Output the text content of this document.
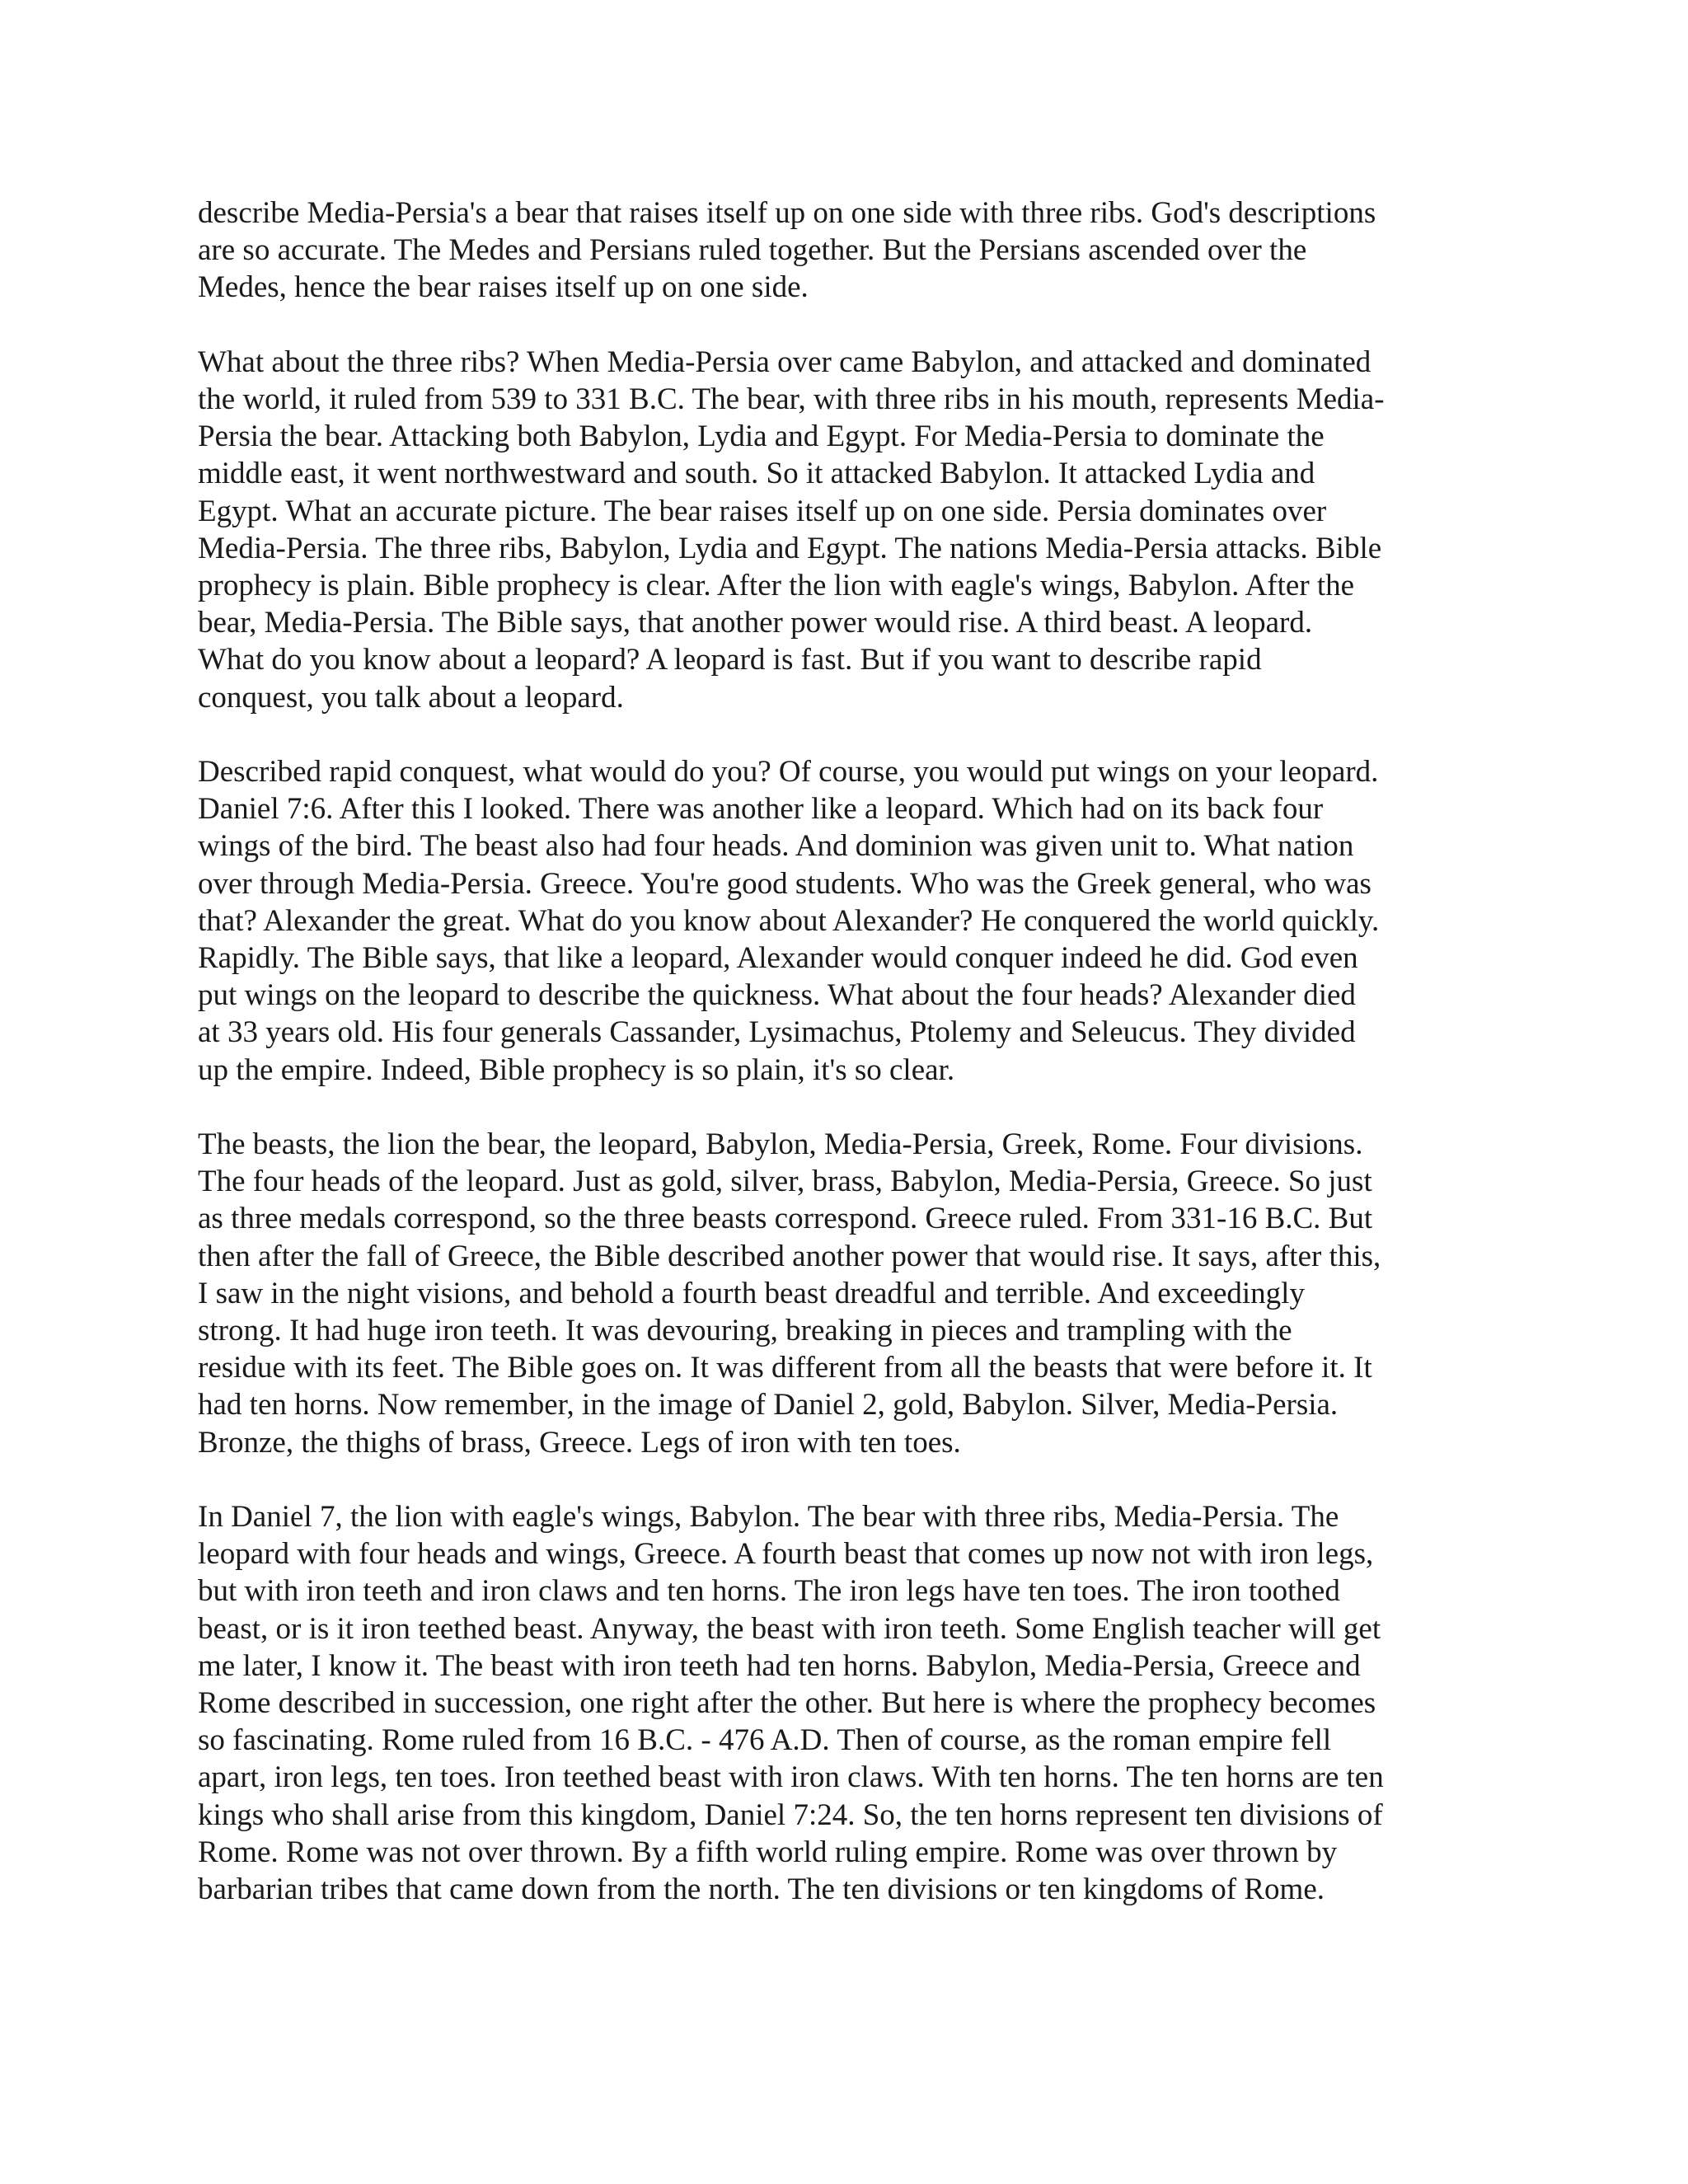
describe Media-Persia's a bear that raises itself up on one side with three ribs. God's descriptions
are so accurate. The Medes and Persians ruled together. But the Persians ascended over the
Medes, hence the bear raises itself up on one side.

What about the three ribs? When Media-Persia over came Babylon, and attacked and dominated
the world, it ruled from 539 to 331 B.C. The bear, with three ribs in his mouth, represents Media-
Persia the bear. Attacking both Babylon, Lydia and Egypt. For Media-Persia to dominate the
middle east, it went northwestward and south. So it attacked Babylon. It attacked Lydia and
Egypt. What an accurate picture. The bear raises itself up on one side. Persia dominates over
Media-Persia. The three ribs, Babylon, Lydia and Egypt. The nations Media-Persia attacks. Bible
prophecy is plain. Bible prophecy is clear. After the lion with eagle's wings, Babylon. After the
bear, Media-Persia. The Bible says, that another power would rise. A third beast. A leopard.
What do you know about a leopard? A leopard is fast. But if you want to describe rapid
conquest, you talk about a leopard.

Described rapid conquest, what would do you? Of course, you would put wings on your leopard.
Daniel 7:6. After this I looked. There was another like a leopard. Which had on its back four
wings of the bird. The beast also had four heads. And dominion was given unit to. What nation
over through Media-Persia. Greece. You're good students. Who was the Greek general, who was
that? Alexander the great. What do you know about Alexander? He conquered the world quickly.
Rapidly. The Bible says, that like a leopard, Alexander would conquer indeed he did. God even
put wings on the leopard to describe the quickness. What about the four heads? Alexander died
at 33 years old. His four generals Cassander, Lysimachus, Ptolemy and Seleucus. They divided
up the empire. Indeed, Bible prophecy is so plain, it's so clear.

The beasts, the lion the bear, the leopard, Babylon, Media-Persia, Greek, Rome. Four divisions.
The four heads of the leopard. Just as gold, silver, brass, Babylon, Media-Persia, Greece. So just
as three medals correspond, so the three beasts correspond. Greece ruled. From 331-16 B.C. But
then after the fall of Greece, the Bible described another power that would rise. It says, after this,
I saw in the night visions, and behold a fourth beast dreadful and terrible. And exceedingly
strong. It had huge iron teeth. It was devouring, breaking in pieces and trampling with the
residue with its feet. The Bible goes on. It was different from all the beasts that were before it. It
had ten horns. Now remember, in the image of Daniel 2, gold, Babylon. Silver, Media-Persia.
Bronze, the thighs of brass, Greece. Legs of iron with ten toes.

In Daniel 7, the lion with eagle's wings, Babylon. The bear with three ribs, Media-Persia. The
leopard with four heads and wings, Greece. A fourth beast that comes up now not with iron legs,
but with iron teeth and iron claws and ten horns. The iron legs have ten toes. The iron toothed
beast, or is it iron teethed beast. Anyway, the beast with iron teeth. Some English teacher will get
me later, I know it. The beast with iron teeth had ten horns. Babylon, Media-Persia, Greece and
Rome described in succession, one right after the other. But here is where the prophecy becomes
so fascinating. Rome ruled from 16 B.C. - 476 A.D. Then of course, as the roman empire fell
apart, iron legs, ten toes. Iron teethed beast with iron claws. With ten horns. The ten horns are ten
kings who shall arise from this kingdom, Daniel 7:24. So, the ten horns represent ten divisions of
Rome. Rome was not over thrown. By a fifth world ruling empire. Rome was over thrown by
barbarian tribes that came down from the north. The ten divisions or ten kingdoms of Rome.
